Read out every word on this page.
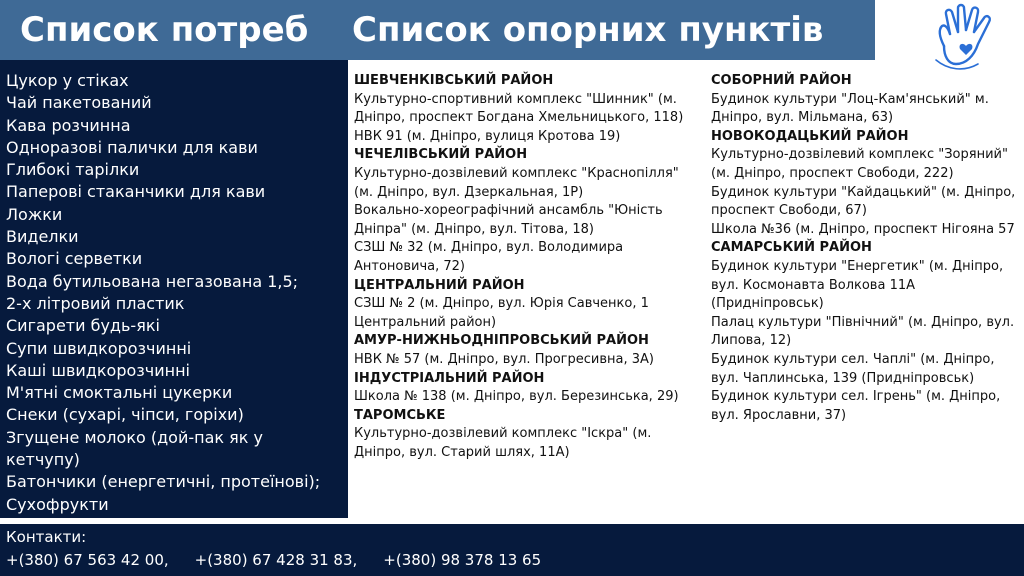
Список потреб Список опорних пунктів
Цукор у стіках
Чай пакетований
Кава розчинна
Одноразові палички для кави
Глибокі тарілки
Паперові стаканчики для кави
Ложки
Виделки
Вологі серветки
Вода бутильована негазована 1,5;
2-х літровий пластик
Сигарети будь-які
Супи швидкорозчинні
Каші швидкорозчинні
М'ятні смоктальні цукерки
Снеки (сухарі, чіпси, горіхи)
Згущене молоко (дой-пак як у кетчупу)
Батончики (енергетичні, протеїнові);
Сухофрукти
ШЕВЧЕНКІВСЬКИЙ РАЙОН
Культурно-спортивний комплекс "Шинник" (м. Дніпро, проспект Богдана Хмельницького, 118)
НВК 91 (м. Дніпро, вулиця Кротова 19)
ЧЕЧЕЛІВСЬКИЙ РАЙОН
Культурно-дозвілевий комплекс "Краснопілля" (м. Дніпро, вул. Дзеркальная, 1Р)
Вокально-хореографічний ансамбль "Юність Дніпра" (м. Дніпро, вул. Тітова, 18)
СЗШ № 32 (м. Дніпро, вул. Володимира Антоновича, 72)
ЦЕНТРАЛЬНИЙ РАЙОН
СЗШ № 2 (м. Дніпро, вул. Юрія Савченко, 1 Центральний район)
АМУР-НИЖНЬОДНІПРОВСЬКИЙ РАЙОН
НВК № 57 (м. Дніпро, вул. Прогресивна, 3А)
ІНДУСТРІАЛЬНИЙ РАЙОН
Школа № 138 (м. Дніпро, вул. Березинська, 29)
ТАРОМСЬКЕ
Культурно-дозвілевий комплекс "Іскра" (м. Дніпро, вул. Старий шлях, 11А)
СОБОРНИЙ РАЙОН
Будинок культури "Лоц-Кам'янський" м. Дніпро, вул. Мільмана, 63)
НОВОКОДАЦЬКИЙ РАЙОН
Культурно-дозвілевий комплекс "Зоряний" (м. Дніпро, проспект Свободи, 222)
Будинок культури "Кайдацький" (м. Дніпро, проспект Свободи, 67)
Школа №36 (м. Дніпро, проспект Нігояна 57
САМАРСЬКИЙ РАЙОН
Будинок культури "Енергетик" (м. Дніпро, вул. Космонавта Волкова 11А (Придніпровськ)
Палац культури "Північний" (м. Дніпро, вул. Липова, 12)
Будинок культури сел. Чаплі" (м. Дніпро, вул. Чаплинська, 139 (Придніпровськ)
Будинок культури сел. Ігрень" (м. Дніпро, вул. Ярославни, 37)
Контакти:
+(380) 67 563 42 00, +(380) 67 428 31 83, +(380) 98 378 13 65
